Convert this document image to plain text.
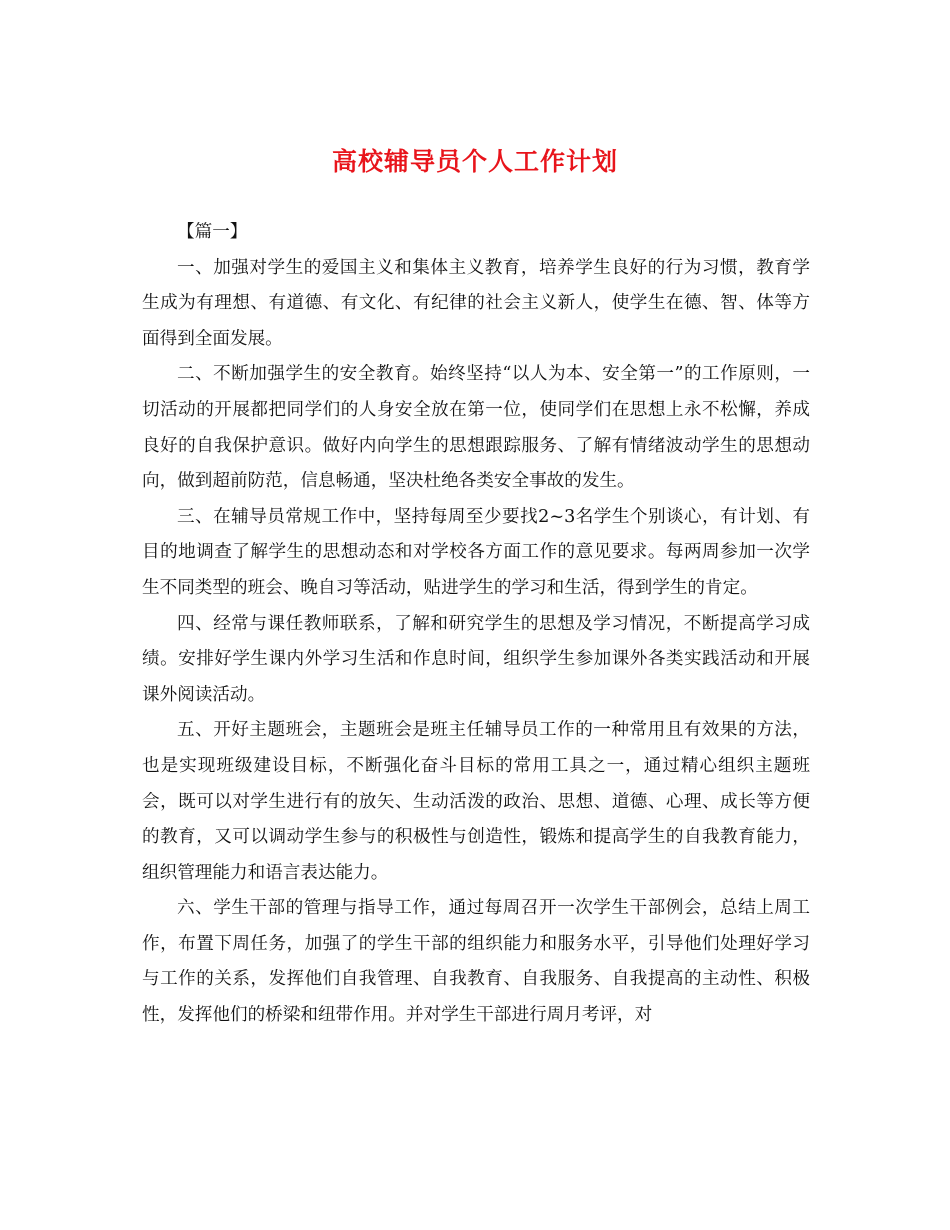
高校辅导员个人工作计划

【篇一】

一、加强对学生的爱国主义和集体主义教育，培养学生良好的行为习惯，教育学生成为有理想、有道德、有文化、有纪律的社会主义新人，使学生在德、智、体等方面得到全面发展。

二、不断加强学生的安全教育。始终坚持“以人为本、安全第一”的工作原则，一切活动的开展都把同学们的人身安全放在第一位，使同学们在思想上永不松懈，养成良好的自我保护意识。做好内向学生的思想跟踪服务、了解有情绪波动学生的思想动向，做到超前防范，信息畅通，坚决杜绝各类安全事故的发生。

三、在辅导员常规工作中，坚持每周至少要找2~3名学生个别谈心，有计划、有目的地调查了解学生的思想动态和对学校各方面工作的意见要求。每两周参加一次学生不同类型的班会、晚自习等活动，贴进学生的学习和生活，得到学生的肯定。

四、经常与课任教师联系，了解和研究学生的思想及学习情况，不断提高学习成绩。安排好学生课内外学习生活和作息时间，组织学生参加课外各类实践活动和开展课外阅读活动。

五、开好主题班会，主题班会是班主任辅导员工作的一种常用且有效果的方法，也是实现班级建设目标，不断强化奋斗目标的常用工具之一，通过精心组织主题班会，既可以对学生进行有的放矢、生动活泼的政治、思想、道德、心理、成长等方便的教育，又可以调动学生参与的积极性与创造性，锻炼和提高学生的自我教育能力，组织管理能力和语言表达能力。

六、学生干部的管理与指导工作，通过每周召开一次学生干部例会，总结上周工作，布置下周任务，加强了的学生干部的组织能力和服务水平，引导他们处理好学习与工作的关系，发挥他们自我管理、自我教育、自我服务、自我提高的主动性、积极性，发挥他们的桥梁和纽带作用。并对学生干部进行周月考评，对
